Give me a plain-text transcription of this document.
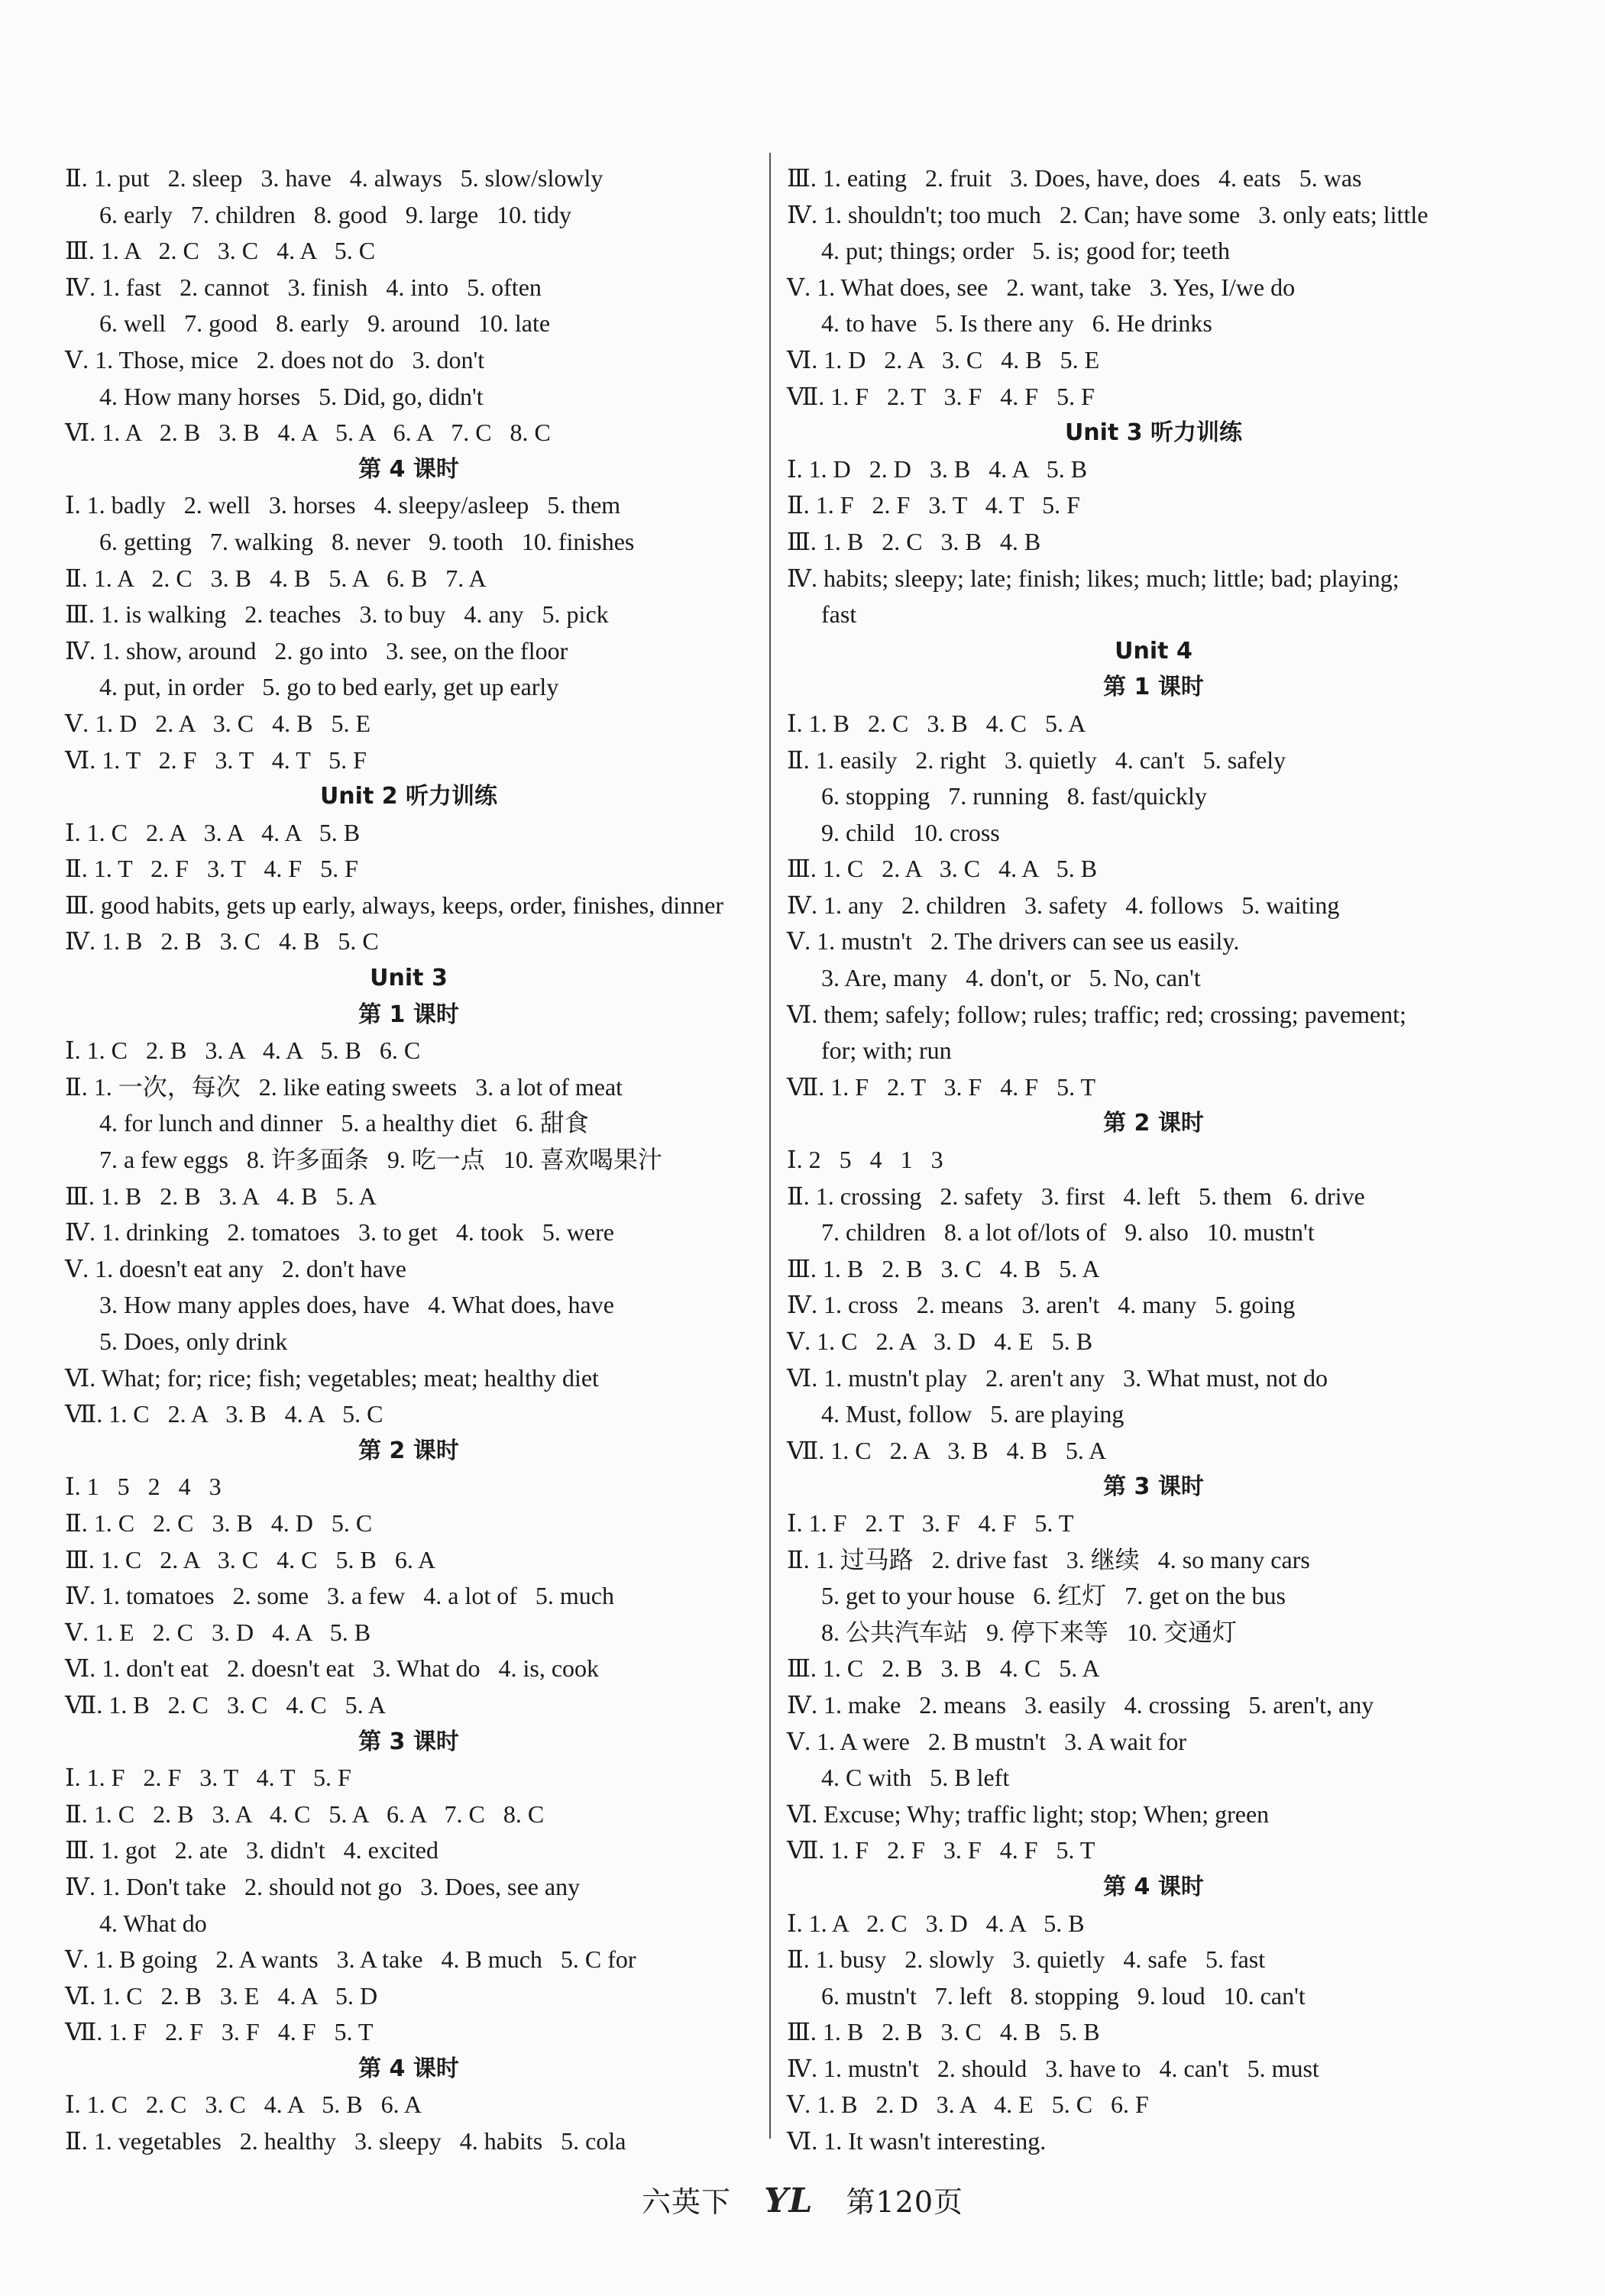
Ⅱ. 1. put   2. sleep   3. have   4. always   5. slow/slowly
6. early   7. children   8. good   9. large   10. tidy
Ⅲ. 1. A   2. C   3. C   4. A   5. C
Ⅳ. 1. fast   2. cannot   3. finish   4. into   5. often
6. well   7. good   8. early   9. around   10. late
Ⅴ. 1. Those, mice   2. does not do   3. don't
4. How many horses   5. Did, go, didn't
Ⅵ. 1. A   2. B   3. B   4. A   5. A   6. A   7. C   8. C
第 4 课时
Ⅰ. 1. badly   2. well   3. horses   4. sleepy/asleep   5. them
6. getting   7. walking   8. never   9. tooth   10. finishes
Ⅱ. 1. A   2. C   3. B   4. B   5. A   6. B   7. A
Ⅲ. 1. is walking   2. teaches   3. to buy   4. any   5. pick
Ⅳ. 1. show, around   2. go into   3. see, on the floor
4. put, in order   5. go to bed early, get up early
Ⅴ. 1. D   2. A   3. C   4. B   5. E
Ⅵ. 1. T   2. F   3. T   4. T   5. F
Unit 2 听力训练
Ⅰ. 1. C   2. A   3. A   4. A   5. B
Ⅱ. 1. T   2. F   3. T   4. F   5. F
Ⅲ. good habits, gets up early, always, keeps, order, finishes, dinner
Ⅳ. 1. B   2. B   3. C   4. B   5. C
Unit 3
第 1 课时
Ⅰ. 1. C   2. B   3. A   4. A   5. B   6. C
Ⅱ. 1. 一次，每次   2. like eating sweets   3. a lot of meat
4. for lunch and dinner   5. a healthy diet   6. 甜食
7. a few eggs   8. 许多面条   9. 吃一点   10. 喜欢喝果汁
Ⅲ. 1. B   2. B   3. A   4. B   5. A
Ⅳ. 1. drinking   2. tomatoes   3. to get   4. took   5. were
Ⅴ. 1. doesn't eat any   2. don't have
3. How many apples does, have   4. What does, have
5. Does, only drink
Ⅵ. What; for; rice; fish; vegetables; meat; healthy diet
Ⅶ. 1. C   2. A   3. B   4. A   5. C
第 2 课时
Ⅰ. 1   5   2   4   3
Ⅱ. 1. C   2. C   3. B   4. D   5. C
Ⅲ. 1. C   2. A   3. C   4. C   5. B   6. A
Ⅳ. 1. tomatoes   2. some   3. a few   4. a lot of   5. much
Ⅴ. 1. E   2. C   3. D   4. A   5. B
Ⅵ. 1. don't eat   2. doesn't eat   3. What do   4. is, cook
Ⅶ. 1. B   2. C   3. C   4. C   5. A
第 3 课时
Ⅰ. 1. F   2. F   3. T   4. T   5. F
Ⅱ. 1. C   2. B   3. A   4. C   5. A   6. A   7. C   8. C
Ⅲ. 1. got   2. ate   3. didn't   4. excited
Ⅳ. 1. Don't take   2. should not go   3. Does, see any
4. What do
Ⅴ. 1. B going   2. A wants   3. A take   4. B much   5. C for
Ⅵ. 1. C   2. B   3. E   4. A   5. D
Ⅶ. 1. F   2. F   3. F   4. F   5. T
第 4 课时
Ⅰ. 1. C   2. C   3. C   4. A   5. B   6. A
Ⅱ. 1. vegetables   2. healthy   3. sleepy   4. habits   5. cola
Ⅲ. 1. eating   2. fruit   3. Does, have, does   4. eats   5. was
Ⅳ. 1. shouldn't; too much   2. Can; have some   3. only eats; little
4. put; things; order   5. is; good for; teeth
Ⅴ. 1. What does, see   2. want, take   3. Yes, I/we do
4. to have   5. Is there any   6. He drinks
Ⅵ. 1. D   2. A   3. C   4. B   5. E
Ⅶ. 1. F   2. T   3. F   4. F   5. F
Unit 3 听力训练
Ⅰ. 1. D   2. D   3. B   4. A   5. B
Ⅱ. 1. F   2. F   3. T   4. T   5. F
Ⅲ. 1. B   2. C   3. B   4. B
Ⅳ. habits; sleepy; late; finish; likes; much; little; bad; playing;
fast
Unit 4
第 1 课时
Ⅰ. 1. B   2. C   3. B   4. C   5. A
Ⅱ. 1. easily   2. right   3. quietly   4. can't   5. safely
6. stopping   7. running   8. fast/quickly
9. child   10. cross
Ⅲ. 1. C   2. A   3. C   4. A   5. B
Ⅳ. 1. any   2. children   3. safety   4. follows   5. waiting
Ⅴ. 1. mustn't   2. The drivers can see us easily.
3. Are, many   4. don't, or   5. No, can't
Ⅵ. them; safely; follow; rules; traffic; red; crossing; pavement;
for; with; run
Ⅶ. 1. F   2. T   3. F   4. F   5. T
第 2 课时
Ⅰ. 2   5   4   1   3
Ⅱ. 1. crossing   2. safety   3. first   4. left   5. them   6. drive
7. children   8. a lot of/lots of   9. also   10. mustn't
Ⅲ. 1. B   2. B   3. C   4. B   5. A
Ⅳ. 1. cross   2. means   3. aren't   4. many   5. going
Ⅴ. 1. C   2. A   3. D   4. E   5. B
Ⅵ. 1. mustn't play   2. aren't any   3. What must, not do
4. Must, follow   5. are playing
Ⅶ. 1. C   2. A   3. B   4. B   5. A
第 3 课时
Ⅰ. 1. F   2. T   3. F   4. F   5. T
Ⅱ. 1. 过马路   2. drive fast   3. 继续   4. so many cars
5. get to your house   6. 红灯   7. get on the bus
8. 公共汽车站   9. 停下来等   10. 交通灯
Ⅲ. 1. C   2. B   3. B   4. C   5. A
Ⅳ. 1. make   2. means   3. easily   4. crossing   5. aren't, any
Ⅴ. 1. A were   2. B mustn't   3. A wait for
4. C with   5. B left
Ⅵ. Excuse; Why; traffic light; stop; When; green
Ⅶ. 1. F   2. F   3. F   4. F   5. T
第 4 课时
Ⅰ. 1. A   2. C   3. D   4. A   5. B
Ⅱ. 1. busy   2. slowly   3. quietly   4. safe   5. fast
6. mustn't   7. left   8. stopping   9. loud   10. can't
Ⅲ. 1. B   2. B   3. C   4. B   5. B
Ⅳ. 1. mustn't   2. should   3. have to   4. can't   5. must
Ⅴ. 1. B   2. D   3. A   4. E   5. C   6. F
Ⅵ. 1. It wasn't interesting.
六英下 YL 第120页
